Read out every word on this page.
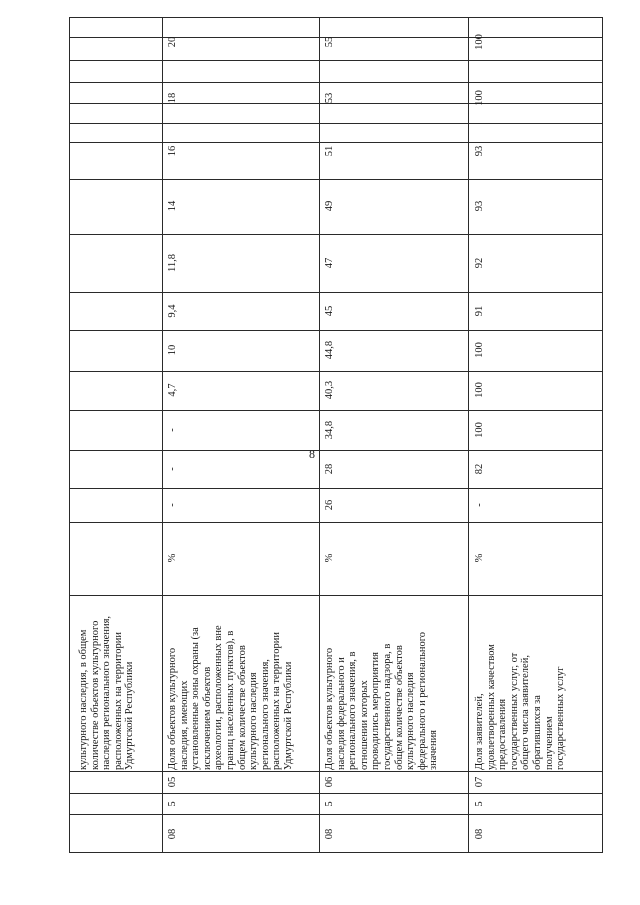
8
культурного наследия, в общем количестве объектов культурного наследия регионального значения, расположенных на территории Удмуртской Республики
08
5
05
Доля объектов культурного наследия, имеющих установленные зоны охраны (за исключением объектов археологии, расположенных вне границ населенных пунктов), в общем количестве объектов культурного наследия регионального значения, расположенных на территории Удмуртской Республики
%
-
-
-
4,7
10
9,4
11,8
14
16
18
20
08
5
06
Доля объектов культурного наследия федерального и регионального значения, в отношении которых проводились мероприятия государственного надзора, в общем количестве объектов культурного наследия федерального и регионального значения
%
26
28
34,8
40,3
44,8
45
47
49
51
53
55
08
5
07
Доля заявителей, удовлетворенных качеством предоставления государственных услуг, от общего числа заявителей, обратившихся за получением государственных услуг
%
-
82
100
100
100
91
92
93
93
100
100
